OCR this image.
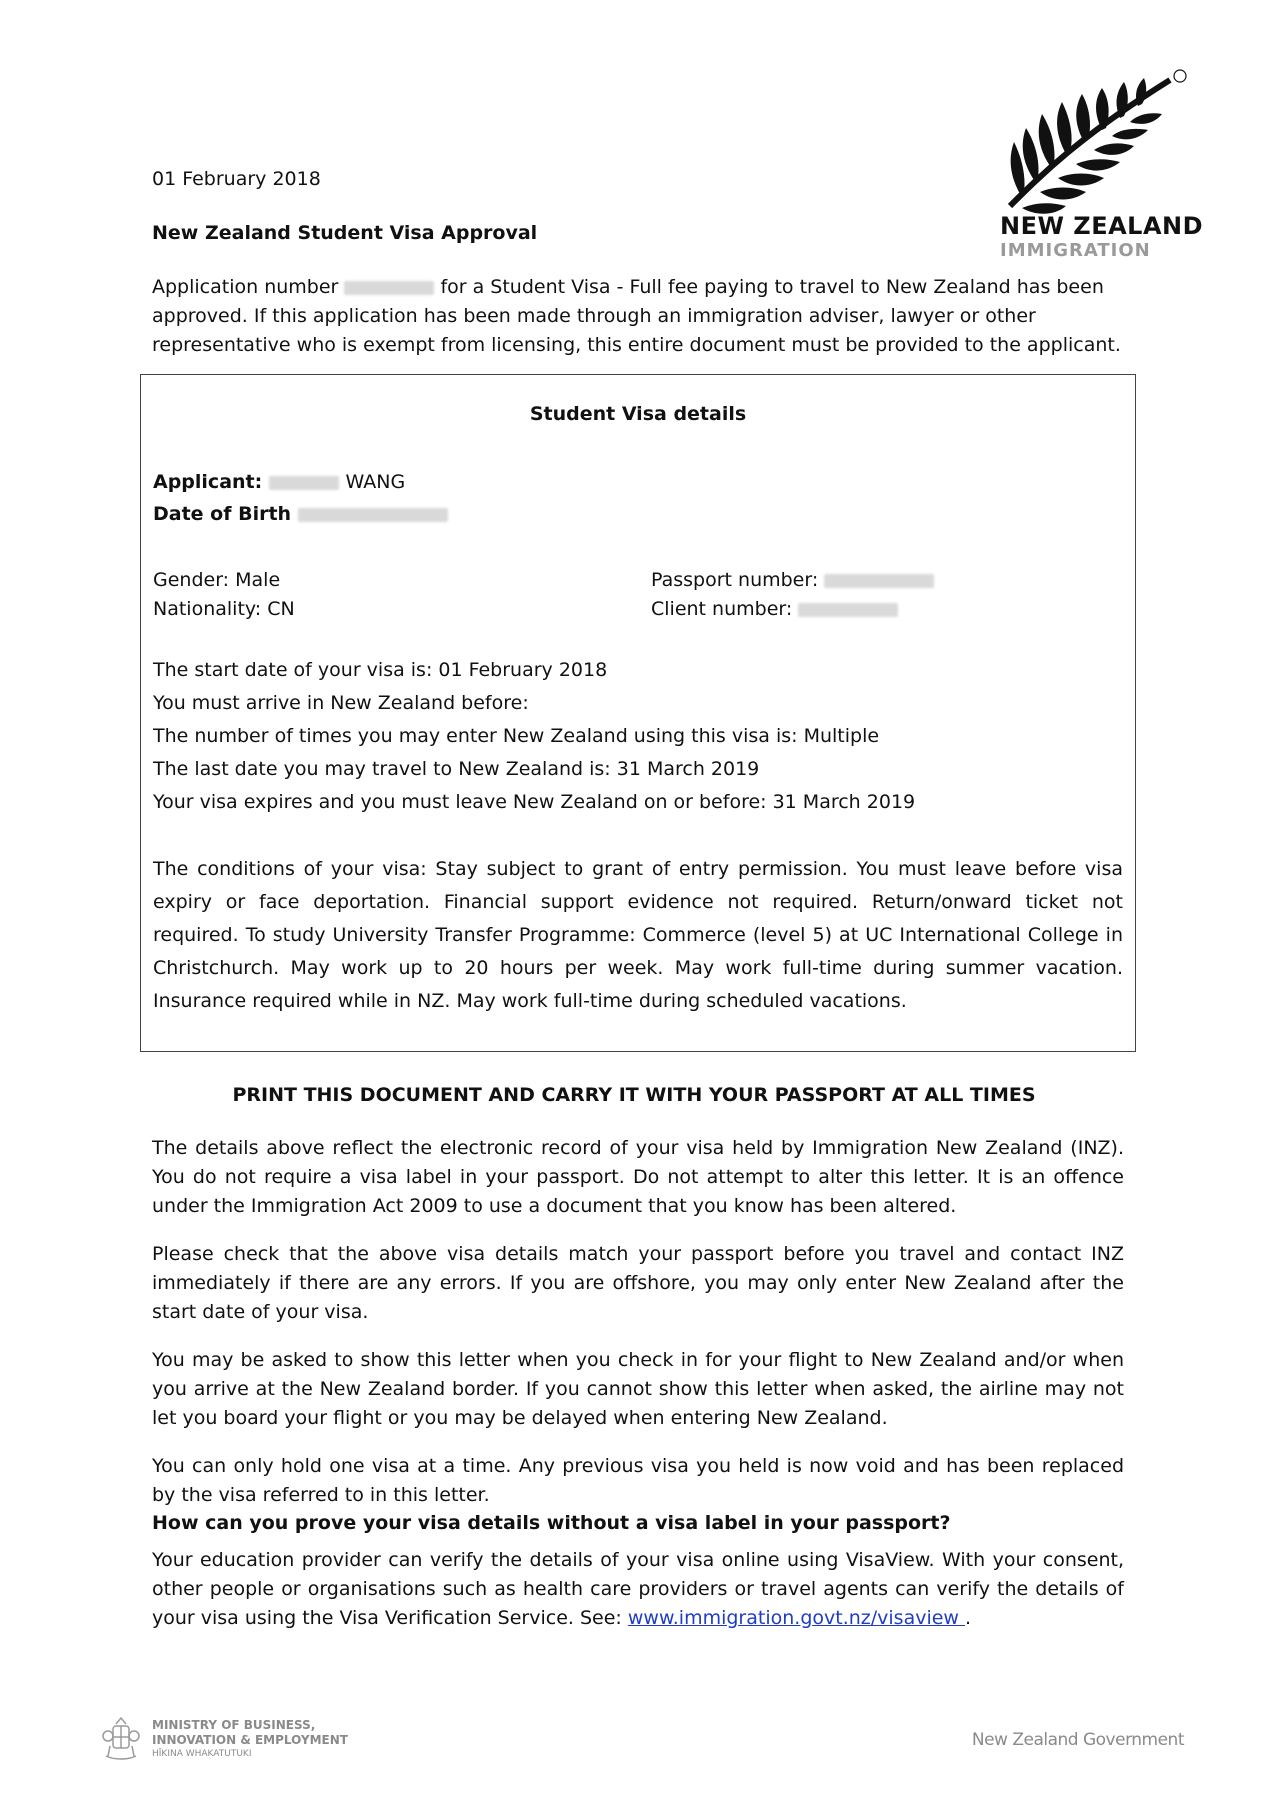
NEW ZEALAND
IMMIGRATION
01 February 2018
New Zealand Student Visa Approval
Application number	for a Student Visa - Full fee paying to travel to New Zealand has been
approved. If this application has been made through an immigration adviser, lawyer or other
representative who is exempt from licensing, this entire document must be provided to the applicant.
Student Visa details
Applicant:	WANG
Date of Birth
Gender: Male
Nationality: CN
Passport number:
Client number:
The start date of your visa is: 01 February 2018
You must arrive in New Zealand before:
The number of times you may enter New Zealand using this visa is: Multiple
The last date you may travel to New Zealand is: 31 March 2019
Your visa expires and you must leave New Zealand on or before: 31 March 2019
The conditions of your visa: Stay subject to grant of entry permission. You must leave before visa expiry or face deportation. Financial support evidence not required. Return/onward ticket not required. To study University Transfer Programme: Commerce (level 5) at UC International College in Christchurch. May work up to 20 hours per week. May work full-time during summer vacation. Insurance required while in NZ. May work full-time during scheduled vacations.
PRINT THIS DOCUMENT AND CARRY IT WITH YOUR PASSPORT AT ALL TIMES
The details above reflect the electronic record of your visa held by Immigration New Zealand (INZ). You do not require a visa label in your passport. Do not attempt to alter this letter. It is an offence under the Immigration Act 2009 to use a document that you know has been altered.
Please check that the above visa details match your passport before you travel and contact INZ immediately if there are any errors. If you are offshore, you may only enter New Zealand after the start date of your visa.
You may be asked to show this letter when you check in for your flight to New Zealand and/or when you arrive at the New Zealand border. If you cannot show this letter when asked, the airline may not let you board your flight or you may be delayed when entering New Zealand.
You can only hold one visa at a time. Any previous visa you held is now void and has been replaced by the visa referred to in this letter.
How can you prove your visa details without a visa label in your passport?
Your education provider can verify the details of your visa online using VisaView. With your consent, other people or organisations such as health care providers or travel agents can verify the details of your visa using the Visa Verification Service. See: www.immigration.govt.nz/visaview .
MINISTRY OF BUSINESS,
INNOVATION & EMPLOYMENT
HĪKINA WHAKATUTUKI
New Zealand Government
